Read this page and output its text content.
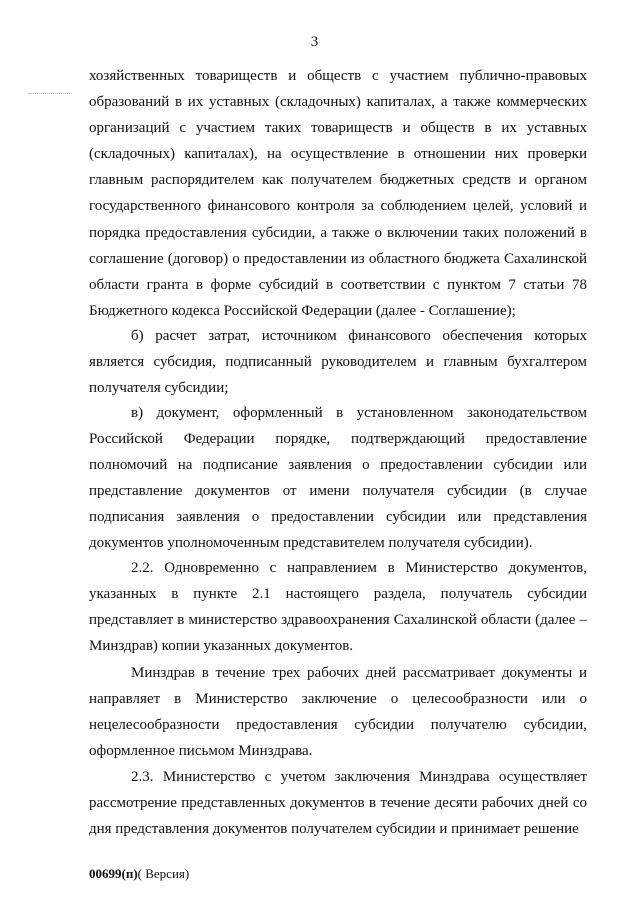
3

хозяйственных товариществ и обществ с участием публично-правовых образований в их уставных (складочных) капиталах, а также коммерческих организаций с участием таких товариществ и обществ в их уставных (складочных) капиталах), на осуществление в отношении них проверки главным распорядителем как получателем бюджетных средств и органом государственного финансового контроля за соблюдением целей, условий и порядка предоставления субсидии, а также о включении таких положений в соглашение (договор) о предоставлении из областного бюджета Сахалинской области гранта в форме субсидий в соответствии с пунктом 7 статьи 78 Бюджетного кодекса Российской Федерации (далее - Соглашение);

б) расчет затрат, источником финансового обеспечения которых является субсидия, подписанный руководителем и главным бухгалтером получателя субсидии;

в) документ, оформленный в установленном законодательством Российской Федерации порядке, подтверждающий предоставление полномочий на подписание заявления о предоставлении субсидии или представление документов от имени получателя субсидии (в случае подписания заявления о предоставлении субсидии или представления документов уполномоченным представителем получателя субсидии).

2.2. Одновременно с направлением в Министерство документов, указанных в пункте 2.1 настоящего раздела, получатель субсидии представляет в министерство здравоохранения Сахалинской области (далее – Минздрав) копии указанных документов.

Минздрав в течение трех рабочих дней рассматривает документы и направляет в Министерство заключение о целесообразности или о нецелесообразности предоставления субсидии получателю субсидии, оформленное письмом Минздрава.

2.3. Министерство с учетом заключения Минздрава осуществляет рассмотрение представленных документов в течение десяти рабочих дней со дня представления документов получателем субсидии и принимает решение

00699(п)( Версия)
